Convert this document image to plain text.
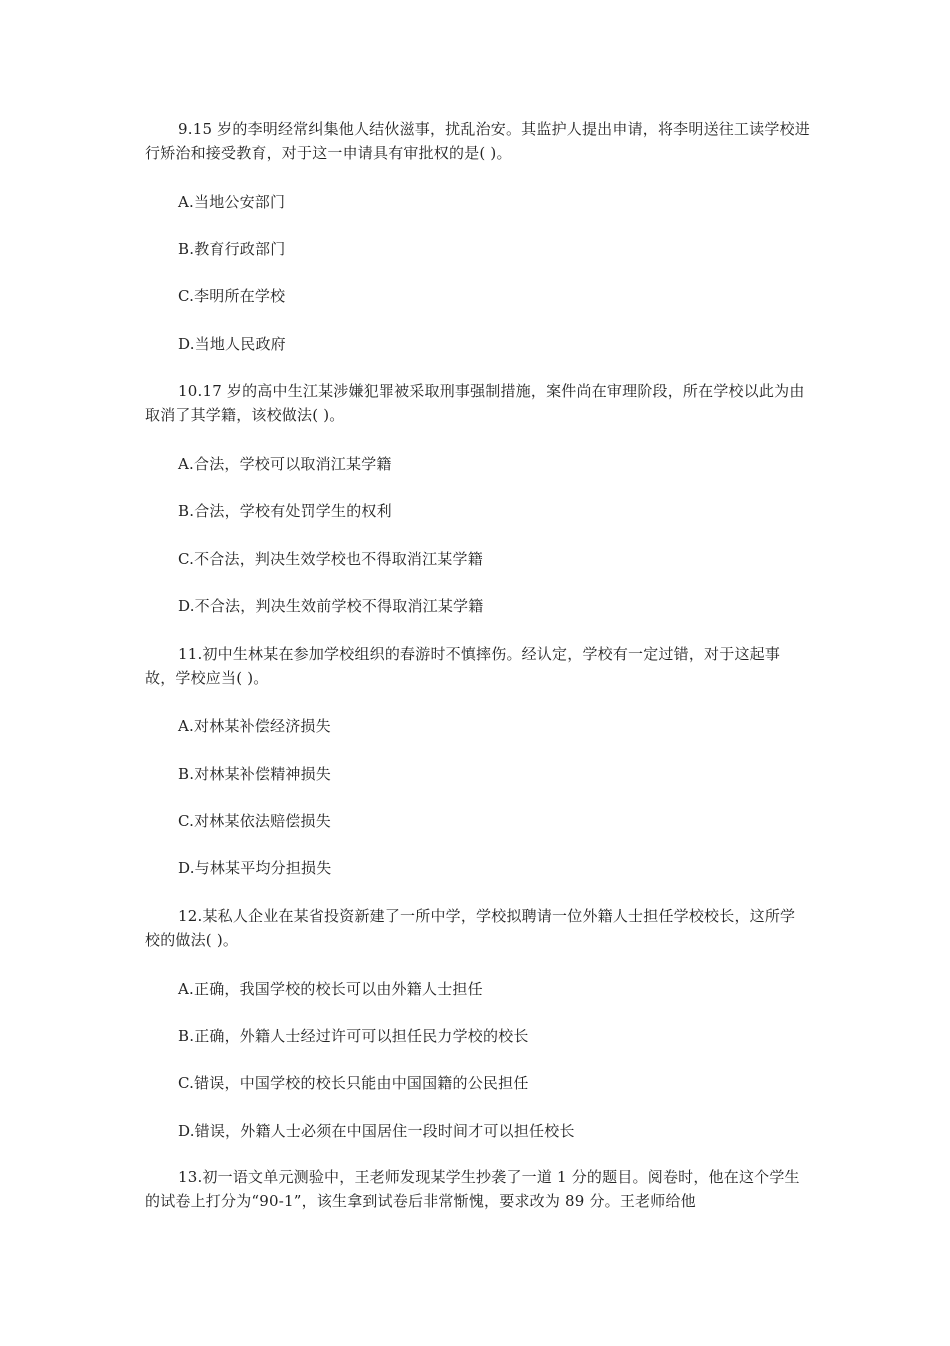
9.15 岁的李明经常纠集他人结伙滋事，扰乱治安。其监护人提出申请，将李明送往工读学校进行矫治和接受教育，对于这一申请具有审批权的是( )。

A.当地公安部门

B.教育行政部门

C.李明所在学校

D.当地人民政府

10.17 岁的高中生江某涉嫌犯罪被采取刑事强制措施，案件尚在审理阶段，所在学校以此为由取消了其学籍，该校做法( )。

A.合法，学校可以取消江某学籍

B.合法，学校有处罚学生的权利

C.不合法，判决生效学校也不得取消江某学籍

D.不合法，判决生效前学校不得取消江某学籍

11.初中生林某在参加学校组织的春游时不慎摔伤。经认定，学校有一定过错，对于这起事故，学校应当( )。

A.对林某补偿经济损失

B.对林某补偿精神损失

C.对林某依法赔偿损失

D.与林某平均分担损失

12.某私人企业在某省投资新建了一所中学，学校拟聘请一位外籍人士担任学校校长，这所学校的做法( )。

A.正确，我国学校的校长可以由外籍人士担任

B.正确，外籍人士经过许可可以担任民力学校的校长

C.错误，中国学校的校长只能由中国国籍的公民担任

D.错误，外籍人士必须在中国居住一段时间才可以担任校长

13.初一语文单元测验中，王老师发现某学生抄袭了一道 1 分的题目。阅卷时，他在这个学生的试卷上打分为“90-1”，该生拿到试卷后非常惭愧，要求改为 89 分。王老师给他
